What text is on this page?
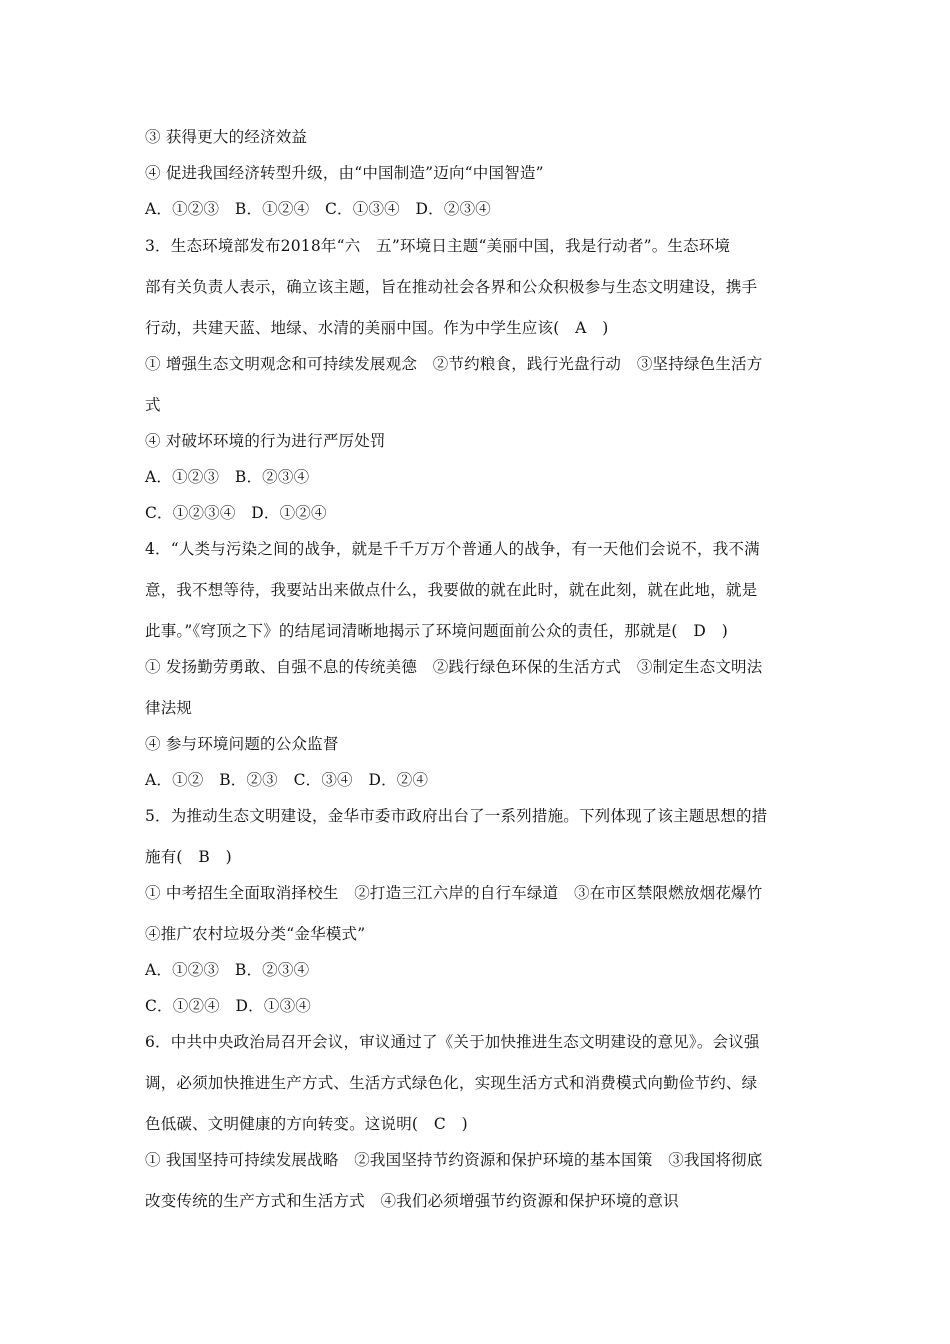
③ 获得更大的经济效益
④ 促进我国经济转型升级，由“中国制造”迈向“中国智造”
A．①②③　B．①②④　C．①③④　D．②③④
3．生态环境部发布2018年“六　五”环境日主题“美丽中国，我是行动者”。生态环境
部有关负责人表示，确立该主题，旨在推动社会各界和公众积极参与生态文明建设，携手
行动，共建天蓝、地绿、水清的美丽中国。作为中学生应该(　A　)
① 增强生态文明观念和可持续发展观念　②节约粮食，践行光盘行动　③坚持绿色生活方
式
④ 对破坏环境的行为进行严厉处罚
A．①②③　B．②③④
C．①②③④　D．①②④
4．“人类与污染之间的战争，就是千千万万个普通人的战争，有一天他们会说不，我不满
意，我不想等待，我要站出来做点什么，我要做的就在此时，就在此刻，就在此地，就是
此事。”《穹顶之下》的结尾词清晰地揭示了环境问题面前公众的责任，那就是(　D　)
① 发扬勤劳勇敢、自强不息的传统美德　②践行绿色环保的生活方式　③制定生态文明法
律法规
④ 参与环境问题的公众监督
A．①②　B．②③　C．③④　D．②④
5．为推动生态文明建设，金华市委市政府出台了一系列措施。下列体现了该主题思想的措
施有(　B　)
① 中考招生全面取消择校生　②打造三江六岸的自行车绿道　③在市区禁限燃放烟花爆竹
④推广农村垃圾分类“金华模式”
A．①②③　B．②③④
C．①②④　D．①③④
6．中共中央政治局召开会议，审议通过了《关于加快推进生态文明建设的意见》。会议强
调，必须加快推进生产方式、生活方式绿色化，实现生活方式和消费模式向勤俭节约、绿
色低碳、文明健康的方向转变。这说明(　C　)
① 我国坚持可持续发展战略　②我国坚持节约资源和保护环境的基本国策　③我国将彻底
改变传统的生产方式和生活方式　④我们必须增强节约资源和保护环境的意识
